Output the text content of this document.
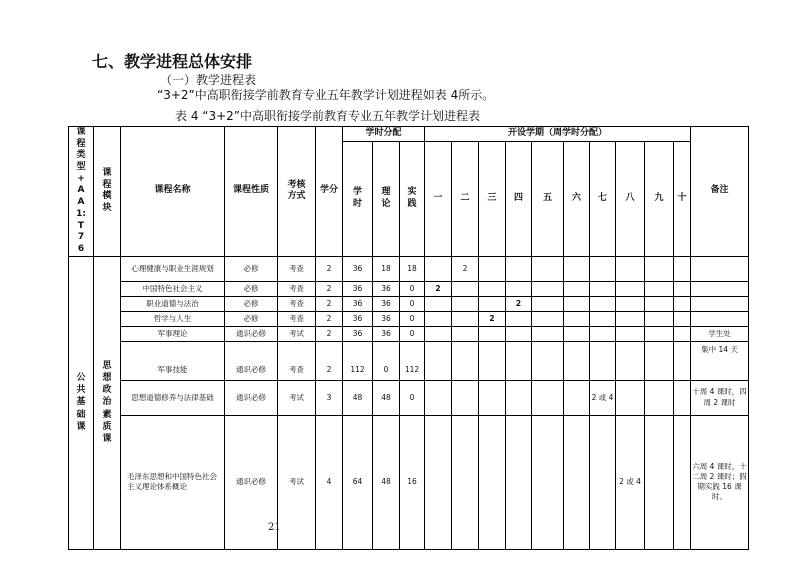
七、教学进程总体安排
（一）教学进程表
“3+2”中高职衔接学前教育专业五年教学计划进程如表 4所示。
表 4 “3+2”中高职衔接学前教育专业五年教学计划进程表
课程类型+AA1:T76	课程模块	课程名称	课程性质	考核方式	学分	学时分配			开设学期（周学时分配）										备注

						学时	理论	实践	一	二	三	四	五	六	七	八	九	十	

公共基础课	思想政治素质课	心理健康与职业生涯规划	必修	考查	2	36	18	18		2									
		中国特色社会主义	必修	考查	2	36	36	0	2										
		职业道德与法治	必修	考查	2	36	36	0				2							
		哲学与人生	必修	考查	2	36	36	0			2								
		军事理论	通识必修	考试	2	36	36	0											学生处
		军事技能	通识必修	考查	2	112	0	112											集中 14 天
		思想道德修养与法律基础	通识必修	考试	3	48	48	0							2 或 4				十周 4 课时，四周 2 课时
		毛泽东思想和中国特色社会主义理论体系概论	通识必修	考试	4	64	48	16								2 或 4			六周 4 课时，十二周 2 课时；假期实践 16 课时。
21
